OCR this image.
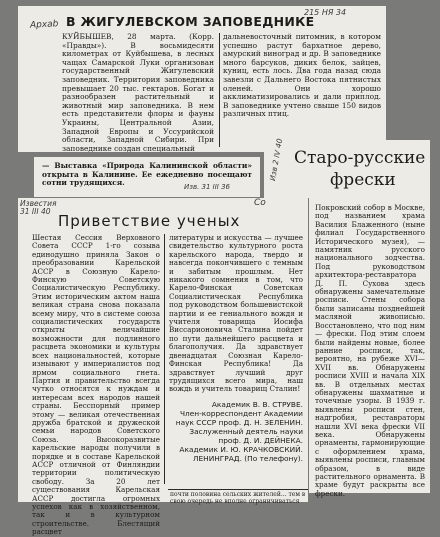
Apxab
215 НЯ 34
В ЖИГУЛЕВСКОМ ЗАПОВЕДНИКЕ

КУЙБЫШЕВ, 28 марта. (Корр. «Правды»). В восьмидесяти километрах от Куйбышева, в лесных чащах Самарской Луки организован государственный Жигулевский заповедник. Территория заповедника превышает 20 тыс. гектаров. Богат и разнообразен растительный и животный мир заповедника. В нем есть представители флоры и фауны Украины, Центральной Азии, Западной Европы и Уссурийской области, Западной Сибири. При заповеднике создан специальный

дальневосточный питомник, в котором успешно растут бархатное дерево, амурский виноград и др. В заповеднике много барсуков, диких белок, зайцев, куниц, есть лось. Два года назад сюда завезли с Дальнего Востока пятнистых оленей. Они хорошо акклиматизировались и дали приплод. В заповеднике учтено свыше 150 видов различных птиц.

— Выставка «Природа Калининской области» открыта в Калинине. Ее ежедневно посещают сотни трудящихся.	Изв. 31 III 36
Изв 2 IV 40 Старо-русские
фрески

Покровский собор в Москве, под названием храма Василия Блаженного (ныне филиал Государственного Исторического музея), — памятник русского национального зодчества. Под руководством архитектора-реставратора Д. П. Сухова здесь обнаружены замечательные росписи. Стены собора были записаны позднейшей масляной живописью. Восстановлено, что под ним — фрески. Под этим слоем были найдены новые, более ранние росписи, так, вероятно, на рубеже XVI—XVII вв. Обнаружены росписи XVIII и начала XIX вв. В отдельных местах обнаружены шахматные и точечные узоры. В 1939 г. выявлены росписи стен, надгробия, реставраторы нашли XVI века фрески VII века. Обнаружены орнаменты, гармонирующие с оформлением храма, выявлены росписи, главным образом, в виде растительного орнамента. В храме будут раскрыты все фрески.

Известия 31 III 40
Со
Приветствие ученых

Шестая Сессия Верховного Совета СССР 1-го созыва единодушно приняла Закон о преобразовании Карельской АССР в Союзную Карело-Финскую Советскую Социалистическую Республику. Этим историческим актом наша великая страна снова показала всему миру, что в системе союза социалистических государств открыты величайшие возможности для подлинного расцвета экономики и культуры всех национальностей, которые изнывают у империалистов под ярмом социального гнета. Партия и правительство всегда чутко относятся к нуждам и интересам всех народов нашей страны. Бесспорный пример этому — великая отечественная дружба братской и дружеской семьи народов Советского Союза. Высокоразвитые карельские народы получили в порядке и в составе Карельской АССР отличной от Финляндии территории политическую свободу. За 20 лет существования Карельская АССР достигла огромных успехов как в хозяйственном, так и в культурном строительстве. Блестящий расцвет

литературы и искусства — лучшее свидетельство культурного роста карельского народа, твердо и навсегда покончившего с темным и забитым прошлым. Нет никакого сомнения в том, что Карело-Финская Советская Социалистическая Республика под руководством большевистской партии и ее гениального вождя и учителя товарища Иосифа Виссарионовича Сталина пойдет по пути дальнейшего расцвета и благополучия. Да здравствует двенадцатая Союзная Карело-Финская Республика! Да здравствует лучший друг трудящихся всего мира, наш вождь и учитель товарищ Сталин!

Академик В. В. СТРУВЕ.
Член-корреспондент Академии наук СССР проф. Д. Н. ЗЕЛЕНИН.
Заслуженный деятель науки проф. Д. И. ДЕЙНЕКА.
Академик И. Ю. КРАЧКОВСКИЙ.
ЛЕНИНГРАД. (По телефону).
почти половина сельских жителей... тем в свою очередь не вполне ограничиваться
